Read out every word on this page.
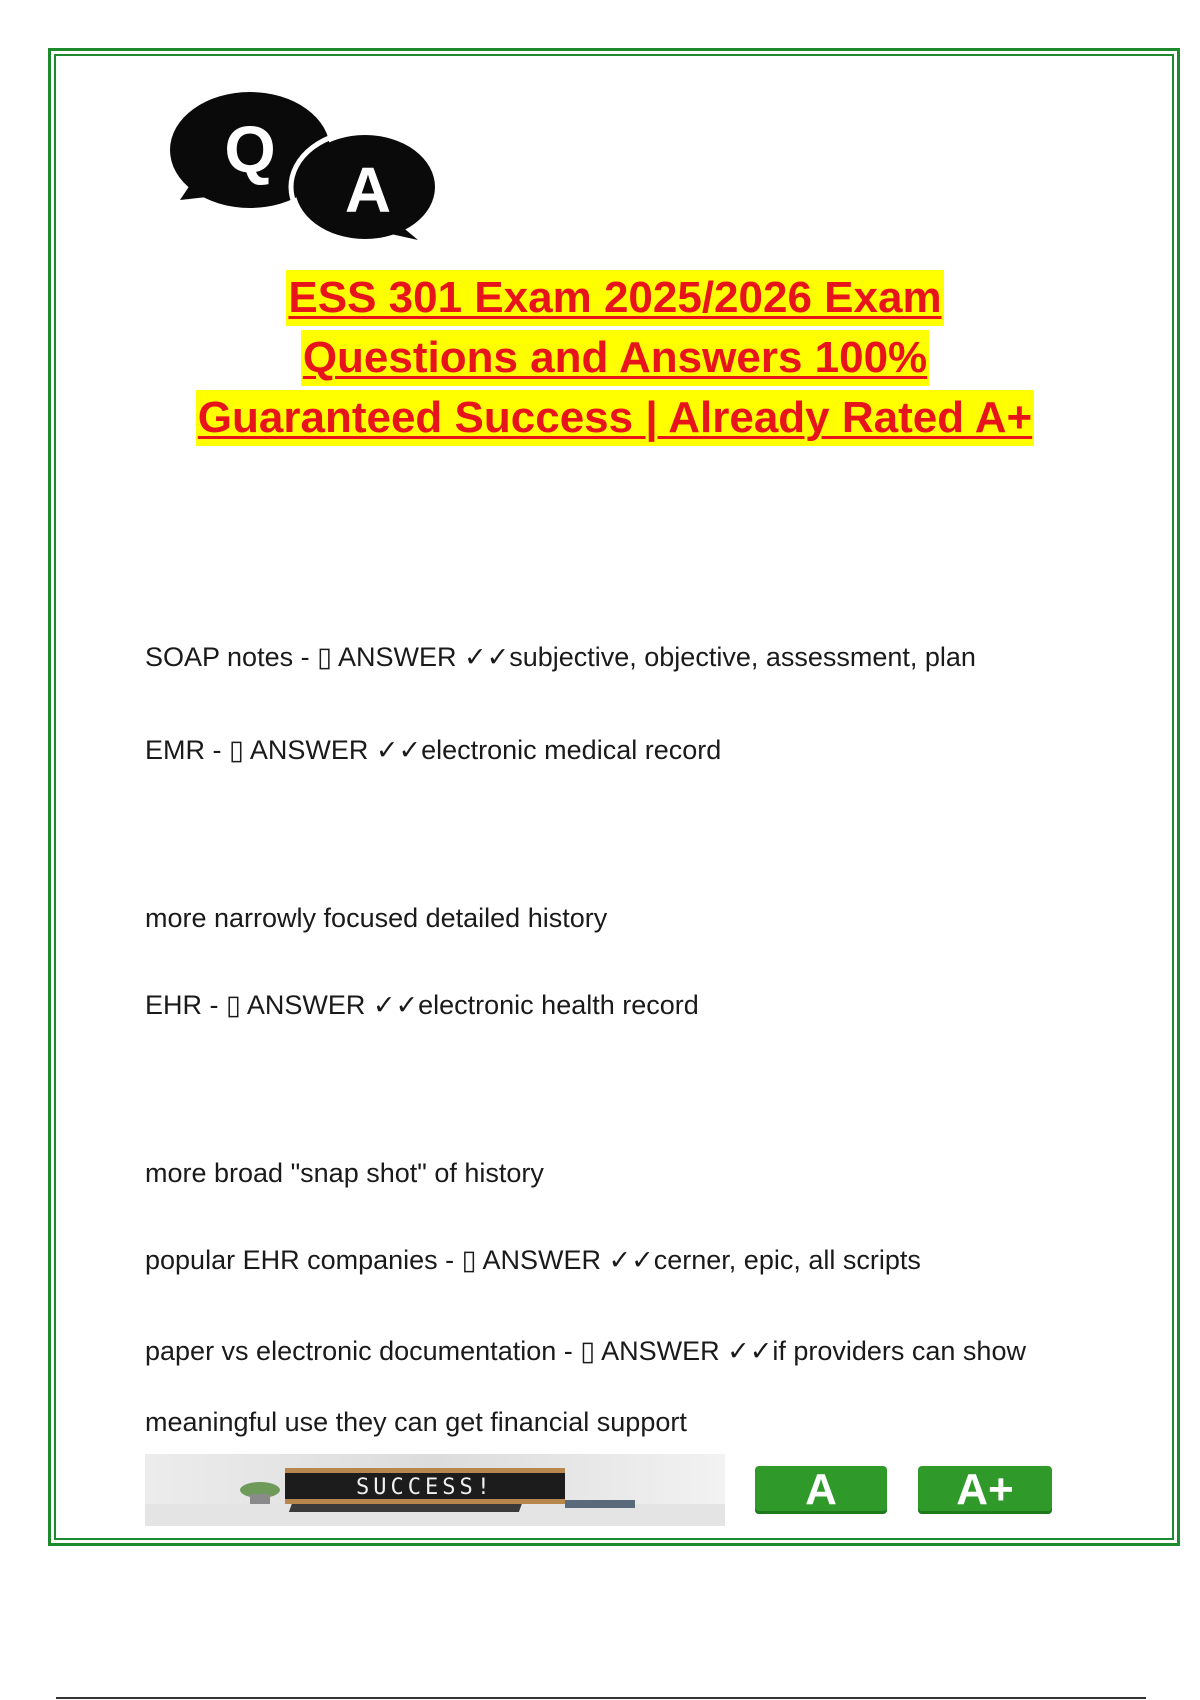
Q
A
ESS 301 Exam 2025/2026 Exam
Questions and Answers 100%
Guaranteed Success | Already Rated A+
SOAP notes - ▯ ANSWER ✓✓subjective, objective, assessment, plan
EMR - ▯ ANSWER ✓✓electronic medical record
more narrowly focused detailed history
EHR - ▯ ANSWER ✓✓electronic health record
more broad "snap shot" of history
popular EHR companies - ▯ ANSWER ✓✓cerner, epic, all scripts
paper vs electronic documentation - ▯ ANSWER ✓✓if providers can show
meaningful use they can get financial support
SUCCESS!	A	A+
